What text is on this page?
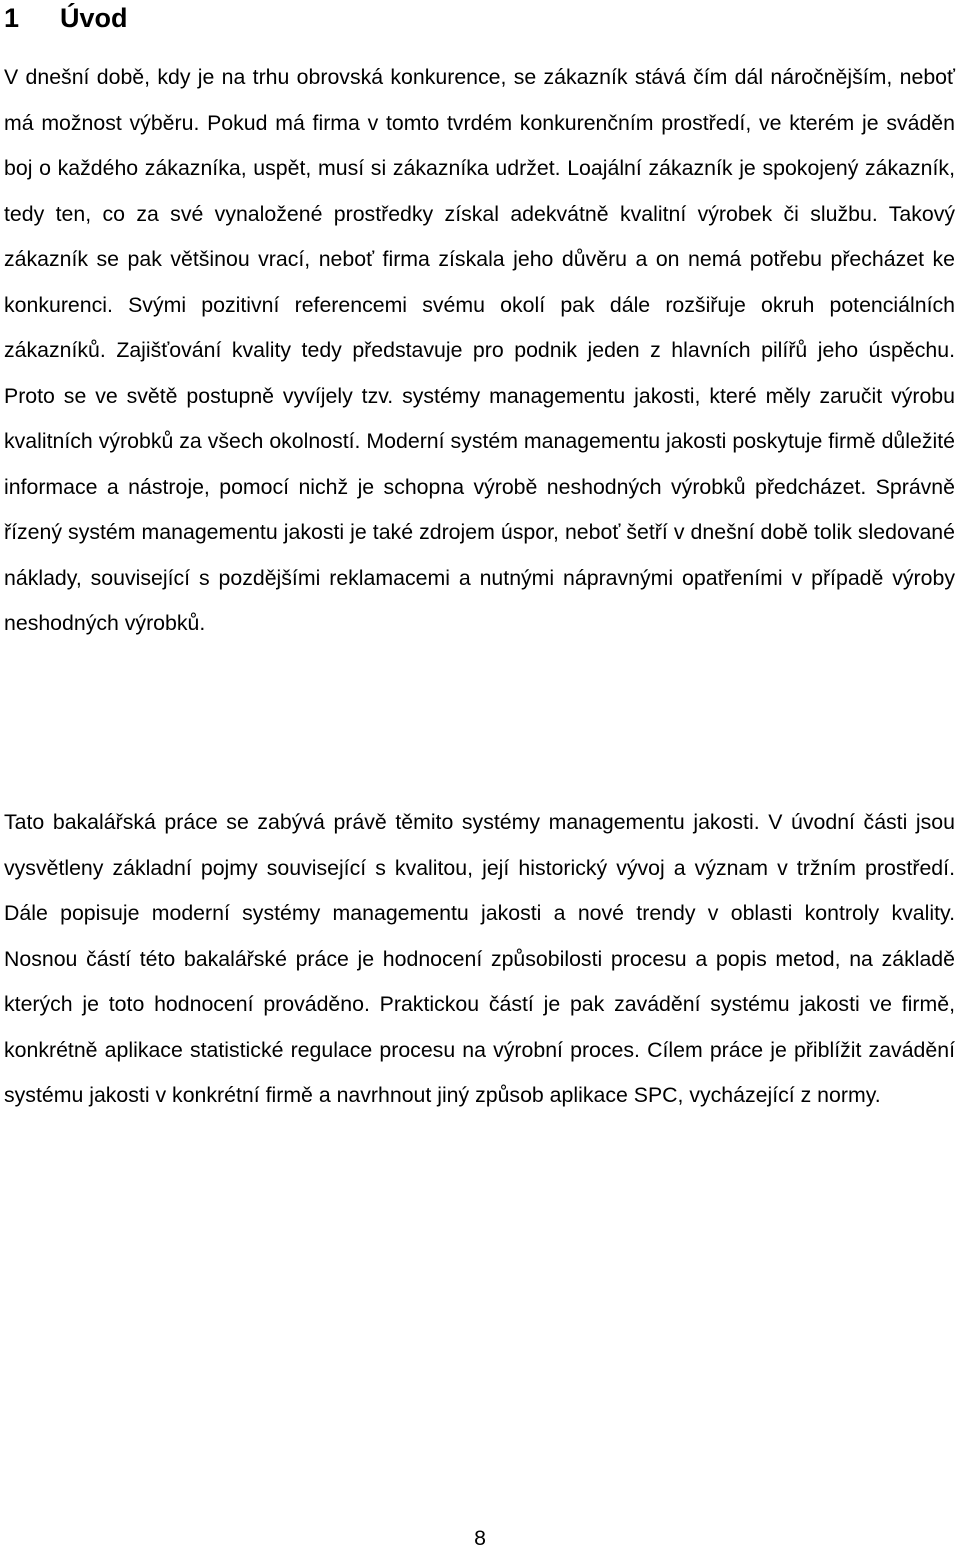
1 Úvod

V dnešní době, kdy je na trhu obrovská konkurence, se zákazník stává čím dál náročnějším, neboť má možnost výběru. Pokud má firma v tomto tvrdém konkurenčním prostředí, ve kterém je sváděn boj o každého zákazníka, uspět, musí si zákazníka udržet. Loajální zákazník je spokojený zákazník, tedy ten, co za své vynaložené prostředky získal adekvátně kvalitní výrobek či službu. Takový zákazník se pak většinou vrací, neboť firma získala jeho důvěru a on nemá potřebu přecházet ke konkurenci. Svými pozitivní referencemi svému okolí pak dále rozšiřuje okruh potenciálních zákazníků. Zajišťování kvality tedy představuje pro podnik jeden z hlavních pilířů jeho úspěchu. Proto se ve světě postupně vyvíjely tzv. systémy managementu jakosti, které měly zaručit výrobu kvalitních výrobků za všech okolností. Moderní systém managementu jakosti poskytuje firmě důležité informace a nástroje, pomocí nichž je schopna výrobě neshodných výrobků předcházet. Správně řízený systém managementu jakosti je také zdrojem úspor, neboť šetří v dnešní době tolik sledované náklady, související s pozdějšími reklamacemi a nutnými nápravnými opatřeními v případě výroby neshodných výrobků.

Tato bakalářská práce se zabývá právě těmito systémy managementu jakosti. V úvodní části jsou vysvětleny základní pojmy související s kvalitou, její historický vývoj a význam v tržním prostředí. Dále popisuje moderní systémy managementu jakosti a nové trendy v oblasti kontroly kvality. Nosnou částí této bakalářské práce je hodnocení způsobilosti procesu a popis metod, na základě kterých je toto hodnocení prováděno. Praktickou částí je pak zavádění systému jakosti ve firmě, konkrétně aplikace statistické regulace procesu na výrobní proces. Cílem práce je přiblížit zavádění systému jakosti v konkrétní firmě a navrhnout jiný způsob aplikace SPC, vycházející z normy.

8
